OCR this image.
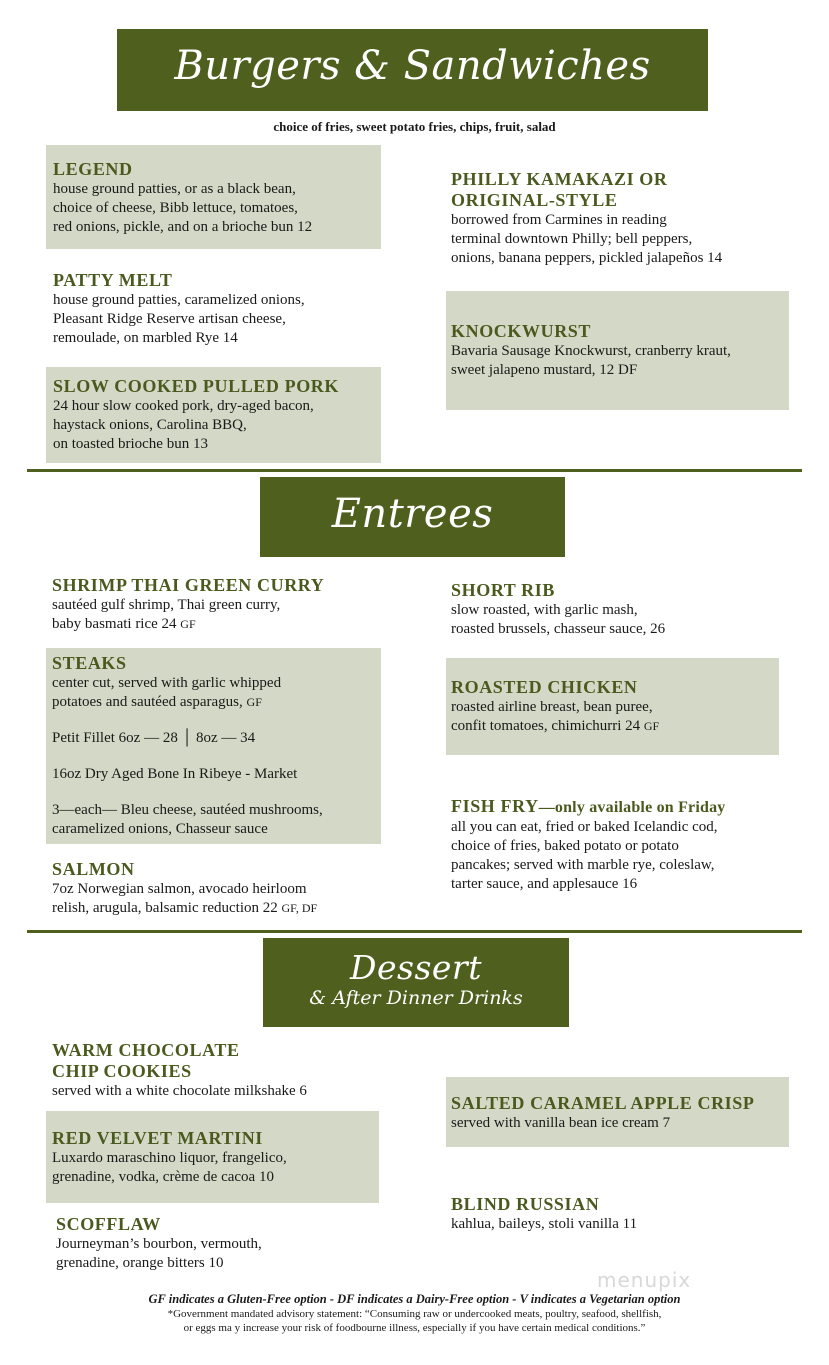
Burgers & Sandwiches
choice of fries, sweet potato fries, chips, fruit, salad
LEGEND
house ground patties, or as a black bean,
choice of cheese, Bibb lettuce, tomatoes,
red onions, pickle, and on a brioche bun 12
PATTY MELT
house ground patties, caramelized onions,
Pleasant Ridge Reserve artisan cheese,
remoulade, on marbled Rye 14
SLOW COOKED PULLED PORK
24 hour slow cooked pork, dry-aged bacon,
haystack onions, Carolina BBQ,
on toasted brioche bun 13
PHILLY KAMAKAZI OR
ORIGINAL-STYLE
borrowed from Carmines in reading
terminal downtown Philly; bell peppers,
onions, banana peppers, pickled jalapeños 14
KNOCKWURST
Bavaria Sausage Knockwurst, cranberry kraut,
sweet jalapeno mustard, 12 DF
Entrees
SHRIMP THAI GREEN CURRY
sautéed gulf shrimp, Thai green curry,
baby basmati rice 24 GF
STEAKS
center cut, served with garlic whipped
potatoes and sautéed asparagus, GF
Petit Fillet 6oz — 28 │ 8oz — 34
16oz Dry Aged Bone In Ribeye - Market
3—each— Bleu cheese, sautéed mushrooms,
caramelized onions, Chasseur sauce
SALMON
7oz Norwegian salmon, avocado heirloom
relish, arugula, balsamic reduction 22 GF, DF
SHORT RIB
slow roasted, with garlic mash,
roasted brussels, chasseur sauce, 26
ROASTED CHICKEN
roasted airline breast, bean puree,
confit tomatoes, chimichurri 24 GF
FISH FRY—only available on Friday
all you can eat, fried or baked Icelandic cod,
choice of fries, baked potato or potato
pancakes; served with marble rye, coleslaw,
tarter sauce, and applesauce 16
Dessert
& After Dinner Drinks
WARM CHOCOLATE
CHIP COOKIES
served with a white chocolate milkshake 6
RED VELVET MARTINI
Luxardo maraschino liquor, frangelico,
grenadine, vodka, crème de cacoa 10
SCOFFLAW
Journeyman’s bourbon, vermouth,
grenadine, orange bitters 10
SALTED CARAMEL APPLE CRISP
served with vanilla bean ice cream 7
BLIND RUSSIAN
kahlua, baileys, stoli vanilla 11
menupix
GF indicates a Gluten-Free option - DF indicates a Dairy-Free option - V indicates a Vegetarian option
*Government mandated advisory statement: “Consuming raw or undercooked meats, poultry, seafood, shellfish,
or eggs ma y increase your risk of foodbourne illness, especially if you have certain medical conditions.”
